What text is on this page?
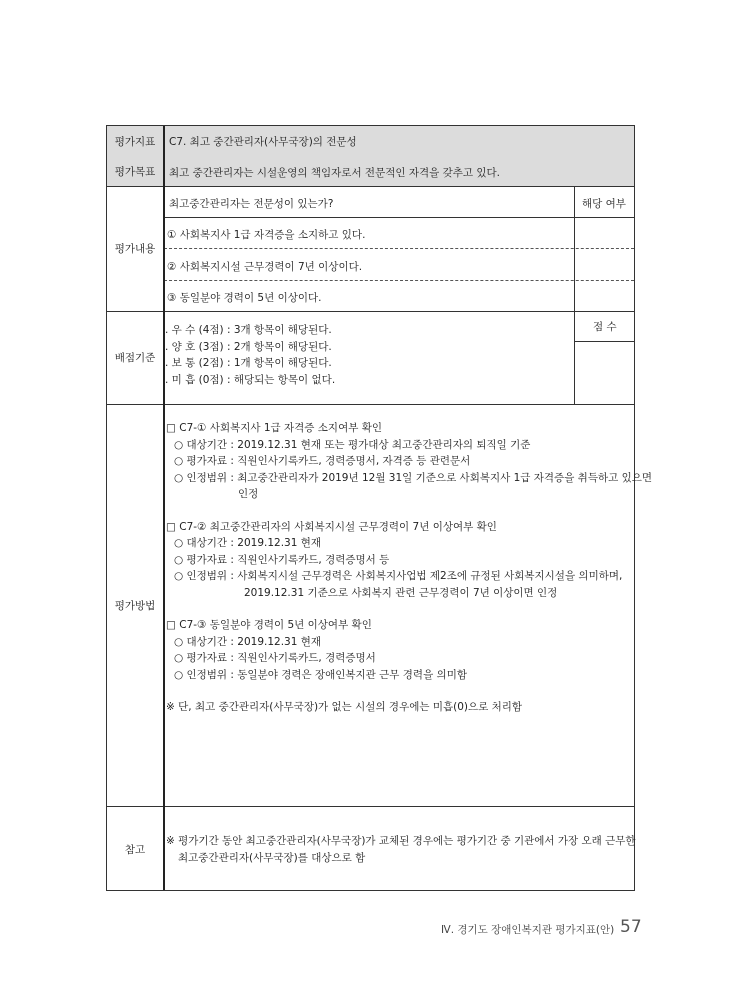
평가지표 C7. 최고 중간관리자(사무국장)의 전문성
평가목표 최고 중간관리자는 시설운영의 책임자로서 전문적인 자격을 갖추고 있다.
평가내용
최고중간관리자는 전문성이 있는가?	해당 여부
① 사회복지사 1급 자격증을 소지하고 있다.
② 사회복지시설 근무경력이 7년 이상이다.
③ 동일분야 경력이 5년 이상이다.
배점기준
점 수
. 우 수 (4점) : 3개 항목이 해당된다.
. 양 호 (3점) : 2개 항목이 해당된다.
. 보 통 (2점) : 1개 항목이 해당된다.
. 미 흡 (0점) : 해당되는 항목이 없다.
평가방법
□ C7-① 사회복지사 1급 자격증 소지여부 확인
○ 대상기간 : 2019.12.31 현재 또는 평가대상 최고중간관리자의 퇴직일 기준
○ 평가자료 : 직원인사기록카드, 경력증명서, 자격증 등 관련문서
○ 인정범위 : 최고중간관리자가 2019년 12월 31일 기준으로 사회복지사 1급 자격증을 취득하고 있으면
인정
□ C7-② 최고중간관리자의 사회복지시설 근무경력이 7년 이상여부 확인
○ 대상기간 : 2019.12.31 현재
○ 평가자료 : 직원인사기록카드, 경력증명서 등
○ 인정범위 : 사회복지시설 근무경력은 사회복지사업법 제2조에 규정된 사회복지시설을 의미하며,
2019.12.31 기준으로 사회복지 관련 근무경력이 7년 이상이면 인정
□ C7-③ 동일분야 경력이 5년 이상여부 확인
○ 대상기간 : 2019.12.31 현재
○ 평가자료 : 직원인사기록카드, 경력증명서
○ 인정범위 : 동일분야 경력은 장애인복지관 근무 경력을 의미함
※ 단, 최고 중간관리자(사무국장)가 없는 시설의 경우에는 미흡(0)으로 처리함
참고
※ 평가기간 동안 최고중간관리자(사무국장)가 교체된 경우에는 평가기간 중 기관에서 가장 오래 근무한
최고중간관리자(사무국장)를 대상으로 함
Ⅳ. 경기도 장애인복지관 평가지표(안) 57
